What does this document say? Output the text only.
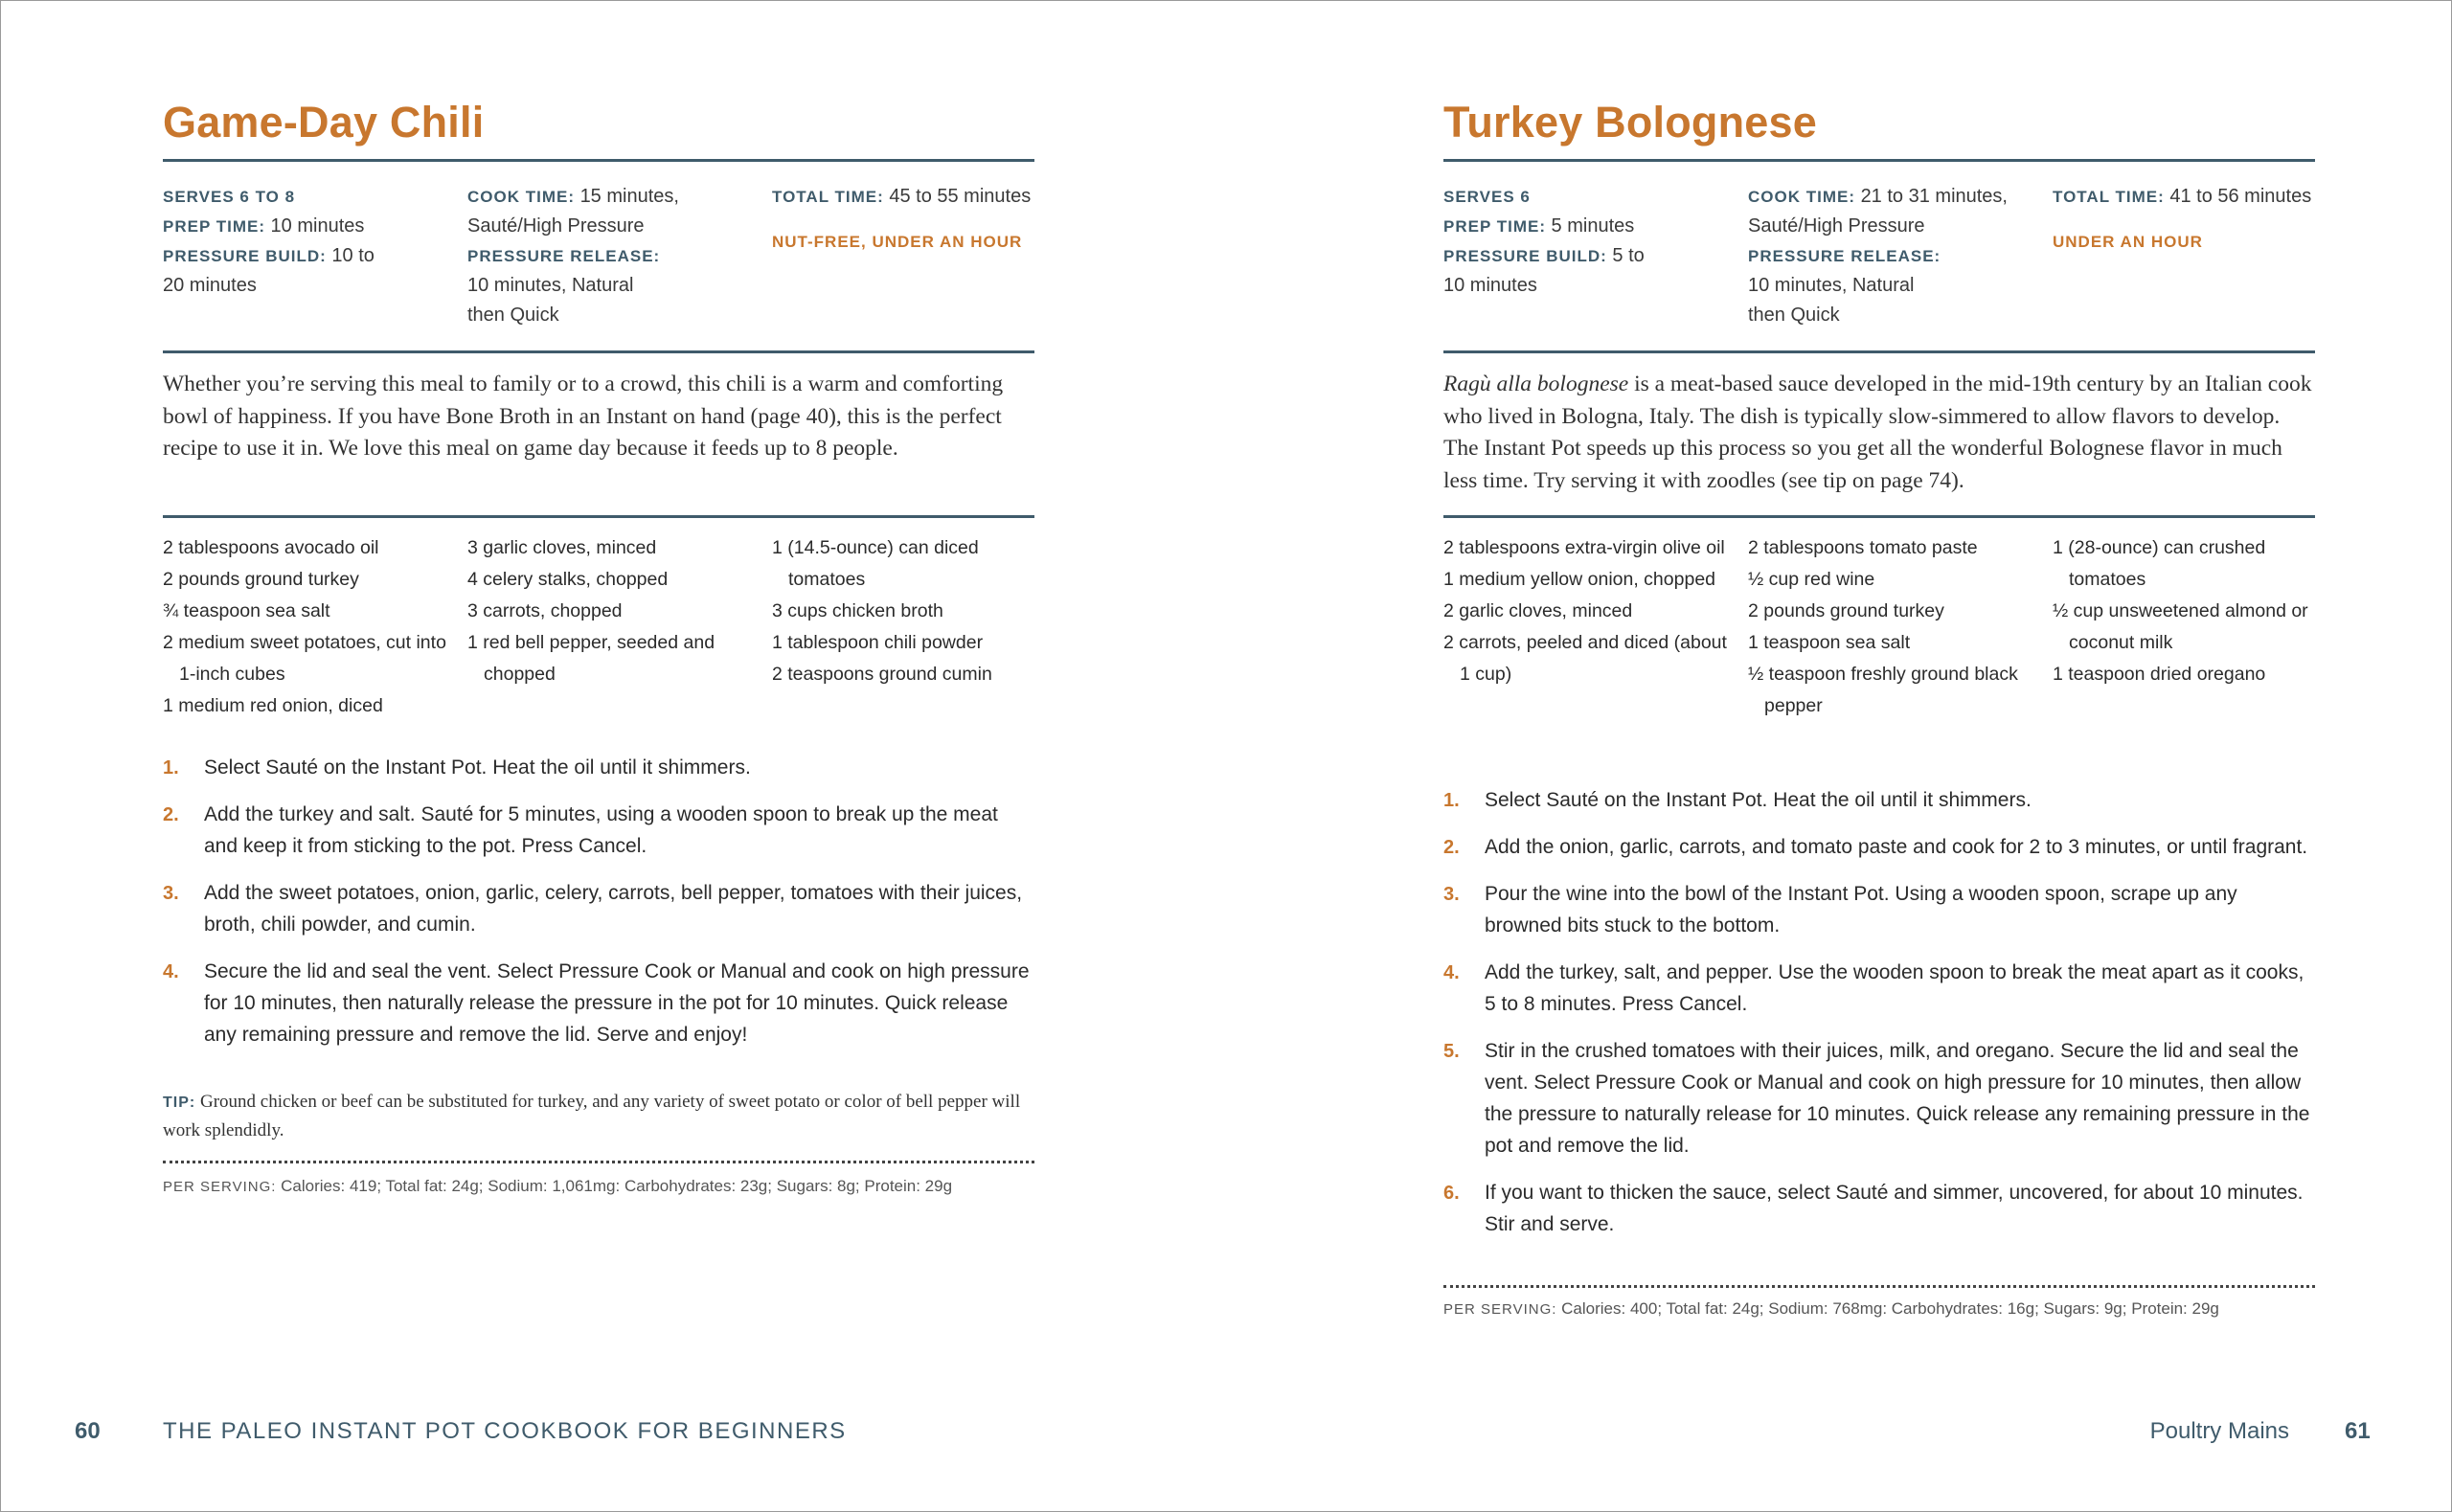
Game-Day Chili
SERVES 6 TO 8
PREP TIME: 10 minutes
PRESSURE BUILD: 10 to
20 minutes
COOK TIME: 15 minutes,
Sauté/High Pressure
PRESSURE RELEASE:
10 minutes, Natural
then Quick
TOTAL TIME: 45 to 55 minutes
NUT-FREE, UNDER AN HOUR

Whether you’re serving this meal to family or to a crowd, this chili is a warm and comforting bowl of happiness. If you have Bone Broth in an Instant on hand (page 40), this is the perfect recipe to use it in. We love this meal on game day because it feeds up to 8 people.

2 tablespoons avocado oil
2 pounds ground turkey
¾ teaspoon sea salt
2 medium sweet potatoes, cut into 1-inch cubes
1 medium red onion, diced
3 garlic cloves, minced
4 celery stalks, chopped
3 carrots, chopped
1 red bell pepper, seeded and chopped
1 (14.5-ounce) can diced tomatoes
3 cups chicken broth
1 tablespoon chili powder
2 teaspoons ground cumin
1. Select Sauté on the Instant Pot. Heat the oil until it shimmers.
2. Add the turkey and salt. Sauté for 5 minutes, using a wooden spoon to break up the meat and keep it from sticking to the pot. Press Cancel.
3. Add the sweet potatoes, onion, garlic, celery, carrots, bell pepper, tomatoes with their juices, broth, chili powder, and cumin.
4. Secure the lid and seal the vent. Select Pressure Cook or Manual and cook on high pressure for 10 minutes, then naturally release the pressure in the pot for 10 minutes. Quick release any remaining pressure and remove the lid. Serve and enjoy!

TIP: Ground chicken or beef can be substituted for turkey, and any variety of sweet potato or color of bell pepper will work splendidly.

PER SERVING: Calories: 419; Total fat: 24g; Sodium: 1,061mg: Carbohydrates: 23g; Sugars: 8g; Protein: 29g

Turkey Bolognese
SERVES 6
PREP TIME: 5 minutes
PRESSURE BUILD: 5 to
10 minutes
COOK TIME: 21 to 31 minutes,
Sauté/High Pressure
PRESSURE RELEASE:
10 minutes, Natural
then Quick
TOTAL TIME: 41 to 56 minutes
UNDER AN HOUR

Ragù alla bolognese is a meat-based sauce developed in the mid-19th century by an Italian cook who lived in Bologna, Italy. The dish is typically slow-simmered to allow flavors to develop. The Instant Pot speeds up this process so you get all the wonderful Bolognese flavor in much less time. Try serving it with zoodles (see tip on page 74).

2 tablespoons extra-virgin olive oil
1 medium yellow onion, chopped
2 garlic cloves, minced
2 carrots, peeled and diced (about 1 cup)
2 tablespoons tomato paste
½ cup red wine
2 pounds ground turkey
1 teaspoon sea salt
½ teaspoon freshly ground black pepper
1 (28-ounce) can crushed tomatoes
½ cup unsweetened almond or coconut milk
1 teaspoon dried oregano
1. Select Sauté on the Instant Pot. Heat the oil until it shimmers.
2. Add the onion, garlic, carrots, and tomato paste and cook for 2 to 3 minutes, or until fragrant.
3. Pour the wine into the bowl of the Instant Pot. Using a wooden spoon, scrape up any browned bits stuck to the bottom.
4. Add the turkey, salt, and pepper. Use the wooden spoon to break the meat apart as it cooks, 5 to 8 minutes. Press Cancel.
5. Stir in the crushed tomatoes with their juices, milk, and oregano. Secure the lid and seal the vent. Select Pressure Cook or Manual and cook on high pressure for 10 minutes, then allow the pressure to naturally release for 10 minutes. Quick release any remaining pressure in the pot and remove the lid.
6. If you want to thicken the sauce, select Sauté and simmer, uncovered, for about 10 minutes. Stir and serve.

PER SERVING: Calories: 400; Total fat: 24g; Sodium: 768mg: Carbohydrates: 16g; Sugars: 9g; Protein: 29g

60	THE PALEO INSTANT POT COOKBOOK FOR BEGINNERS	Poultry Mains 61
